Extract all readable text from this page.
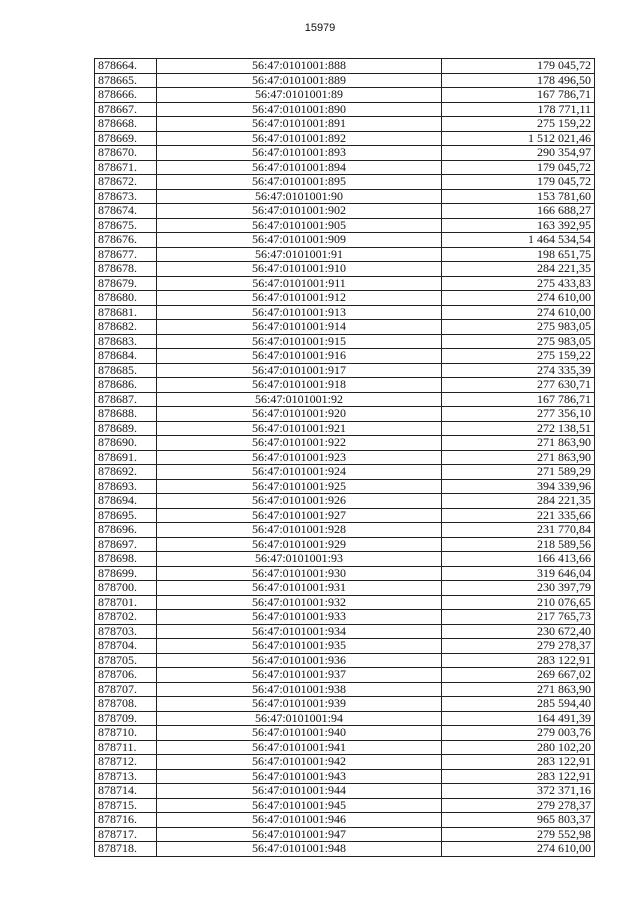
15979
878664.	56:47:0101001:888	179 045,72
878665.	56:47:0101001:889	178 496,50
878666.	56:47:0101001:89	167 786,71
878667.	56:47:0101001:890	178 771,11
878668.	56:47:0101001:891	275 159,22
878669.	56:47:0101001:892	1 512 021,46
878670.	56:47:0101001:893	290 354,97
878671.	56:47:0101001:894	179 045,72
878672.	56:47:0101001:895	179 045,72
878673.	56:47:0101001:90	153 781,60
878674.	56:47:0101001:902	166 688,27
878675.	56:47:0101001:905	163 392,95
878676.	56:47:0101001:909	1 464 534,54
878677.	56:47:0101001:91	198 651,75
878678.	56:47:0101001:910	284 221,35
878679.	56:47:0101001:911	275 433,83
878680.	56:47:0101001:912	274 610,00
878681.	56:47:0101001:913	274 610,00
878682.	56:47:0101001:914	275 983,05
878683.	56:47:0101001:915	275 983,05
878684.	56:47:0101001:916	275 159,22
878685.	56:47:0101001:917	274 335,39
878686.	56:47:0101001:918	277 630,71
878687.	56:47:0101001:92	167 786,71
878688.	56:47:0101001:920	277 356,10
878689.	56:47:0101001:921	272 138,51
878690.	56:47:0101001:922	271 863,90
878691.	56:47:0101001:923	271 863,90
878692.	56:47:0101001:924	271 589,29
878693.	56:47:0101001:925	394 339,96
878694.	56:47:0101001:926	284 221,35
878695.	56:47:0101001:927	221 335,66
878696.	56:47:0101001:928	231 770,84
878697.	56:47:0101001:929	218 589,56
878698.	56:47:0101001:93	166 413,66
878699.	56:47:0101001:930	319 646,04
878700.	56:47:0101001:931	230 397,79
878701.	56:47:0101001:932	210 076,65
878702.	56:47:0101001:933	217 765,73
878703.	56:47:0101001:934	230 672,40
878704.	56:47:0101001:935	279 278,37
878705.	56:47:0101001:936	283 122,91
878706.	56:47:0101001:937	269 667,02
878707.	56:47:0101001:938	271 863,90
878708.	56:47:0101001:939	285 594,40
878709.	56:47:0101001:94	164 491,39
878710.	56:47:0101001:940	279 003,76
878711.	56:47:0101001:941	280 102,20
878712.	56:47:0101001:942	283 122,91
878713.	56:47:0101001:943	283 122,91
878714.	56:47:0101001:944	372 371,16
878715.	56:47:0101001:945	279 278,37
878716.	56:47:0101001:946	965 803,37
878717.	56:47:0101001:947	279 552,98
878718.	56:47:0101001:948	274 610,00
